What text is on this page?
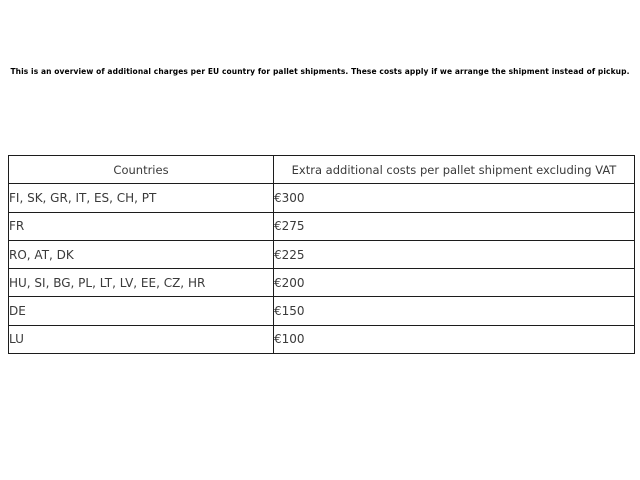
This is an overview of additional charges per EU country for pallet shipments. These costs apply if we arrange the shipment instead of pickup.
Countries	Extra additional costs per pallet shipment excluding VAT
FI, SK, GR, IT, ES, CH, PT	€300
FR	€275
RO, AT, DK	€225
HU, SI, BG, PL, LT, LV, EE, CZ, HR	€200
DE	€150
LU	€100
